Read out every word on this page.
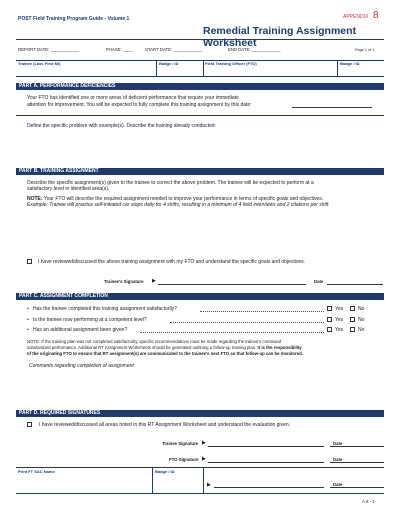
POST Field Training Program Guide - Volume 1	APPENDIX 8
Remedial Training Assignment Worksheet
REPORT DATE: ____________	PHASE: ____	START DATE: ____________	END DATE: ____________	Page 1 of 1
Trainee (Last, First MI)	Badge / ID	Field Training Officer (FTO)	Badge / ID
PART A. PERFORMANCE DEFICIENCIES
Your FTO has identified one or more areas of deficient performance that require your immediate
attention for improvement. You will be expected to fully complete this training assignment by this date:
Define the specific problem with example(s). Describe the training already conducted:
PART B. TRAINING ASSIGNMENT
Describe the specific assignment(s) given to the trainee to correct the above problem. The trainee will be expected to perform at a
satisfactory level in identified area(s).
NOTE: Your FTO will describe the required assignment needed to improve your performance in terms of specific goals and objectives.
Example: Trainee will practice self-initiated car stops daily for 4 shifts, resulting in a minimum of 4 field interviews and 2 citations per shift.
I have reviewed/discussed the above training assignment with my FTO and understand the specific goals and objectives.
Trainee's Signature ▶	Date
PART C. ASSIGNMENT COMPLETION
• Has the trainee completed this training assignment satisfactorily?	Yes	No
• Is the trainee now performing at a competent level?	Yes	No
• Has an additional assignment been given?	Yes	No
NOTE: If the training plan was not completed satisfactorily, specific recommendations must be made regarding the trainee's continued
substandard performance. Additional RT Assignment Worksheets should be generated outlining a follow-up training plan. It is the responsibility
of the originating FTO to ensure that RT assignment(s) are communicated to the trainee's next FTO so that follow-up can be monitored.
Comments regarding completion of assignment:
PART D. REQUIRED SIGNATURES
I have reviewed/discussed all areas noted in this RT Assignment Worksheet and understand the evaluation given.
Trainee Signature ▶	Date
FTO Signature ▶	Date
Print FT SAC Name	Badge / ID
▶	Date
A.8 - 1
